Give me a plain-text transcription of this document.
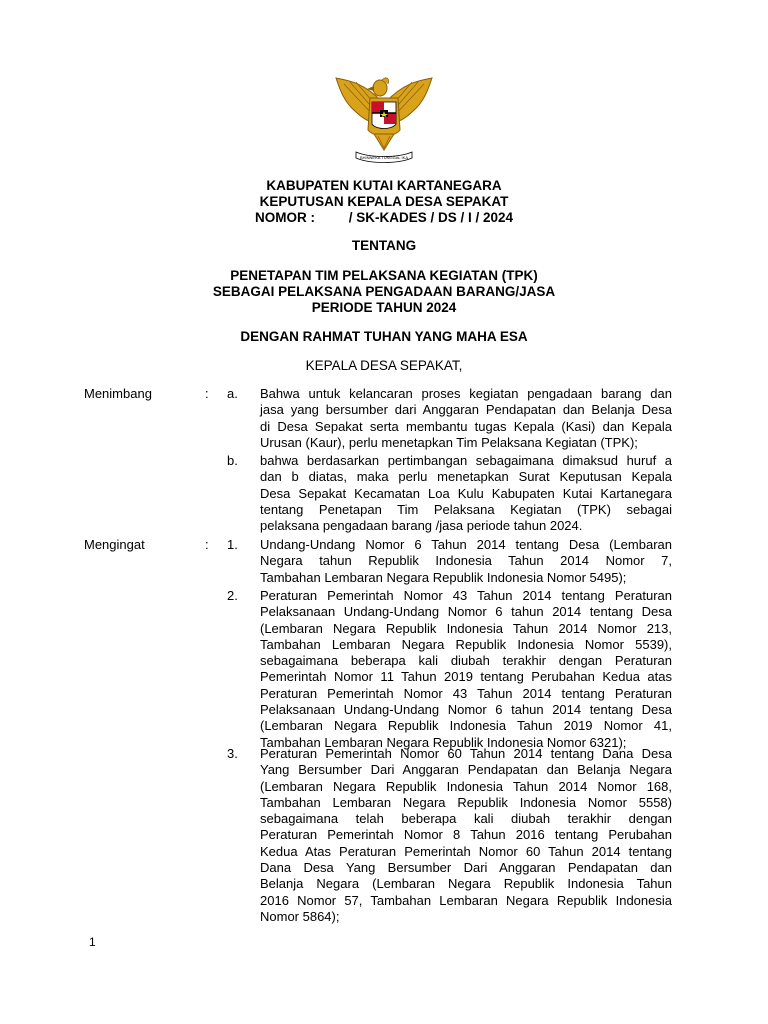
BHINNEKA TUNGGAL IKA
KABUPATEN KUTAI KARTANEGARA
KEPUTUSAN KEPALA DESA SEPAKAT
NOMOR :         / SK-KADES / DS / I / 2024
TENTANG
PENETAPAN TIM PELAKSANA KEGIATAN (TPK)
SEBAGAI PELAKSANA PENGADAAN BARANG/JASA
PERIODE TAHUN 2024
DENGAN RAHMAT TUHAN YANG MAHA ESA
KEPALA DESA SEPAKAT,
Menimbang	: a. Bahwa untuk kelancaran proses kegiatan pengadaan barang dan
jasa yang bersumber dari Anggaran Pendapatan dan Belanja Desa
di Desa Sepakat serta membantu tugas Kepala (Kasi) dan Kepala
Urusan (Kaur), perlu menetapkan Tim Pelaksana Kegiatan (TPK);
b. bahwa berdasarkan pertimbangan sebagaimana dimaksud huruf a
dan b diatas, maka perlu menetapkan Surat Keputusan Kepala
Desa Sepakat Kecamatan Loa Kulu Kabupaten Kutai Kartanegara
tentang Penetapan Tim Pelaksana Kegiatan (TPK) sebagai
pelaksana pengadaan barang /jasa periode tahun 2024.
Mengingat	: 1. Undang-Undang Nomor 6 Tahun 2014 tentang Desa (Lembaran
Negara tahun Republik Indonesia Tahun 2014 Nomor 7,
Tambahan Lembaran Negara Republik Indonesia Nomor 5495);
2. Peraturan Pemerintah Nomor 43 Tahun 2014 tentang Peraturan
Pelaksanaan Undang-Undang Nomor 6 tahun 2014 tentang Desa
(Lembaran Negara Republik Indonesia Tahun 2014 Nomor 213,
Tambahan Lembaran Negara Republik Indonesia Nomor 5539),
sebagaimana beberapa kali diubah terakhir dengan Peraturan
Pemerintah Nomor 11 Tahun 2019 tentang Perubahan Kedua atas
Peraturan Pemerintah Nomor 43 Tahun 2014 tentang Peraturan
Pelaksanaan Undang-Undang Nomor 6 tahun 2014 tentang Desa
(Lembaran Negara Republik Indonesia Tahun 2019 Nomor 41,
Tambahan Lembaran Negara Republik Indonesia Nomor 6321);
3. Peraturan Pemerintah Nomor 60 Tahun 2014 tentang Dana Desa
Yang Bersumber Dari Anggaran Pendapatan dan Belanja Negara
(Lembaran Negara Republik Indonesia Tahun 2014 Nomor 168,
Tambahan Lembaran Negara Republik Indonesia Nomor 5558)
sebagaimana telah beberapa kali diubah terakhir dengan
Peraturan Pemerintah Nomor 8 Tahun 2016 tentang Perubahan
Kedua Atas Peraturan Pemerintah Nomor 60 Tahun 2014 tentang
Dana Desa Yang Bersumber Dari Anggaran Pendapatan dan
Belanja Negara (Lembaran Negara Republik Indonesia Tahun
2016 Nomor 57, Tambahan Lembaran Negara Republik Indonesia
Nomor 5864);
1
